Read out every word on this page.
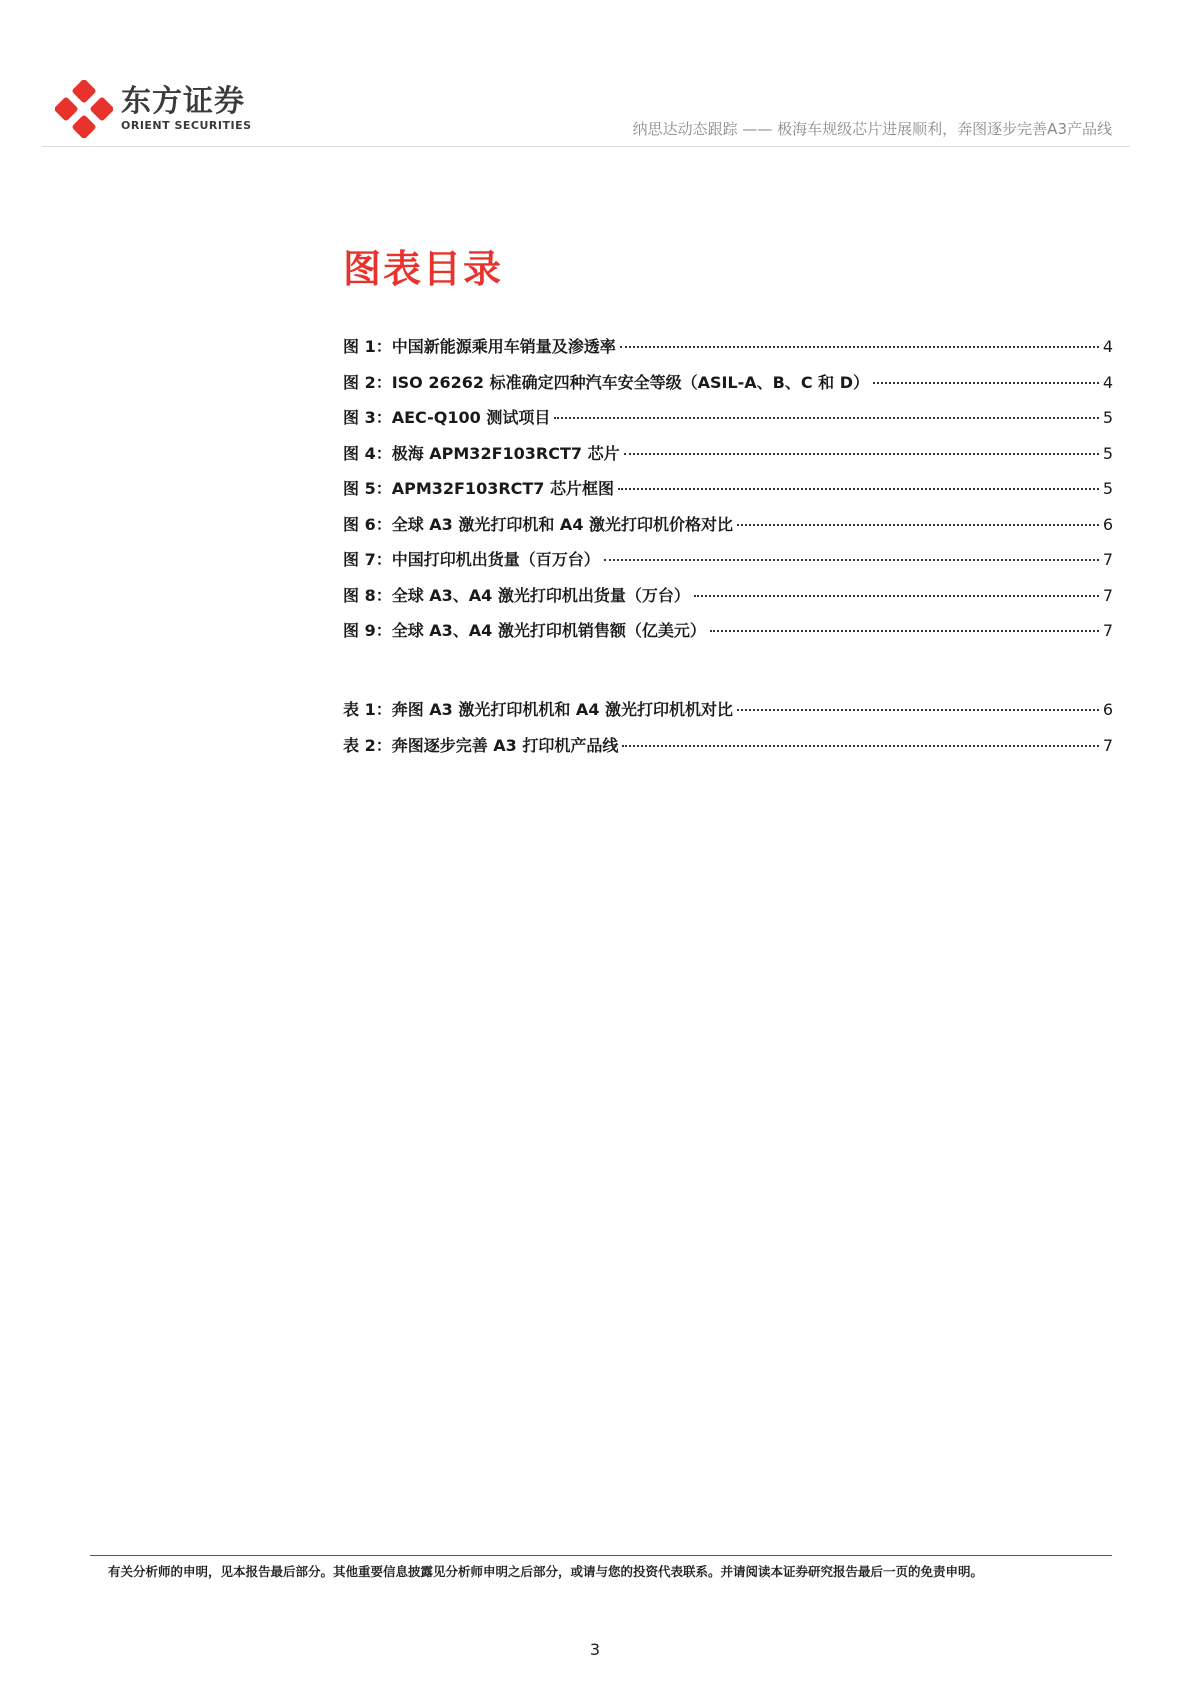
东方证券
ORIENT SECURITIES	纳思达动态跟踪 —— 极海车规级芯片进展顺利，奔图逐步完善A3产品线
图表目录
图 1：中国新能源乘用车销量及渗透率	4
图 2：ISO 26262 标准确定四种汽车安全等级（ASIL-A、B、C 和 D）	4
图 3：AEC-Q100 测试项目	5
图 4：极海 APM32F103RCT7 芯片	5
图 5：APM32F103RCT7 芯片框图	5
图 6：全球 A3 激光打印机和 A4 激光打印机价格对比	6
图 7：中国打印机出货量（百万台）	7
图 8：全球 A3、A4 激光打印机出货量（万台）	7
图 9：全球 A3、A4 激光打印机销售额（亿美元）	7
表 1：奔图 A3 激光打印机机和 A4 激光打印机机对比	6
表 2：奔图逐步完善 A3 打印机产品线	7
有关分析师的申明，见本报告最后部分。其他重要信息披露见分析师申明之后部分，或请与您的投资代表联系。并请阅读本证券研究报告最后一页的免责申明。
3
